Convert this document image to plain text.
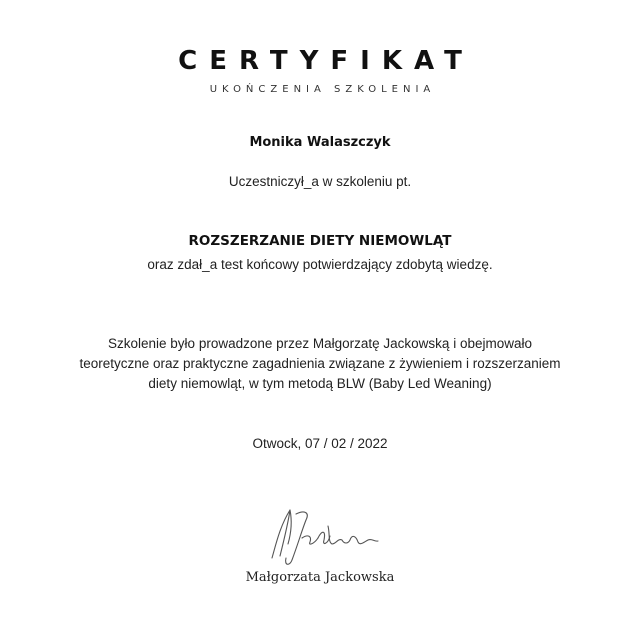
CERTYFIKAT
UKOŃCZENIA SZKOLENIA
Monika Walaszczyk
Uczestniczył_a w szkoleniu pt.
ROZSZERZANIE DIETY NIEMOWLĄT
oraz zdał_a test końcowy potwierdzający zdobytą wiedzę.
Szkolenie było prowadzone przez Małgorzatę Jackowską i obejmowało
teoretyczne oraz praktyczne zagadnienia związane z żywieniem i rozszerzaniem
diety niemowląt, w tym metodą BLW (Baby Led Weaning)
Otwock, 07 / 02 / 2022
Małgorzata Jackowska
